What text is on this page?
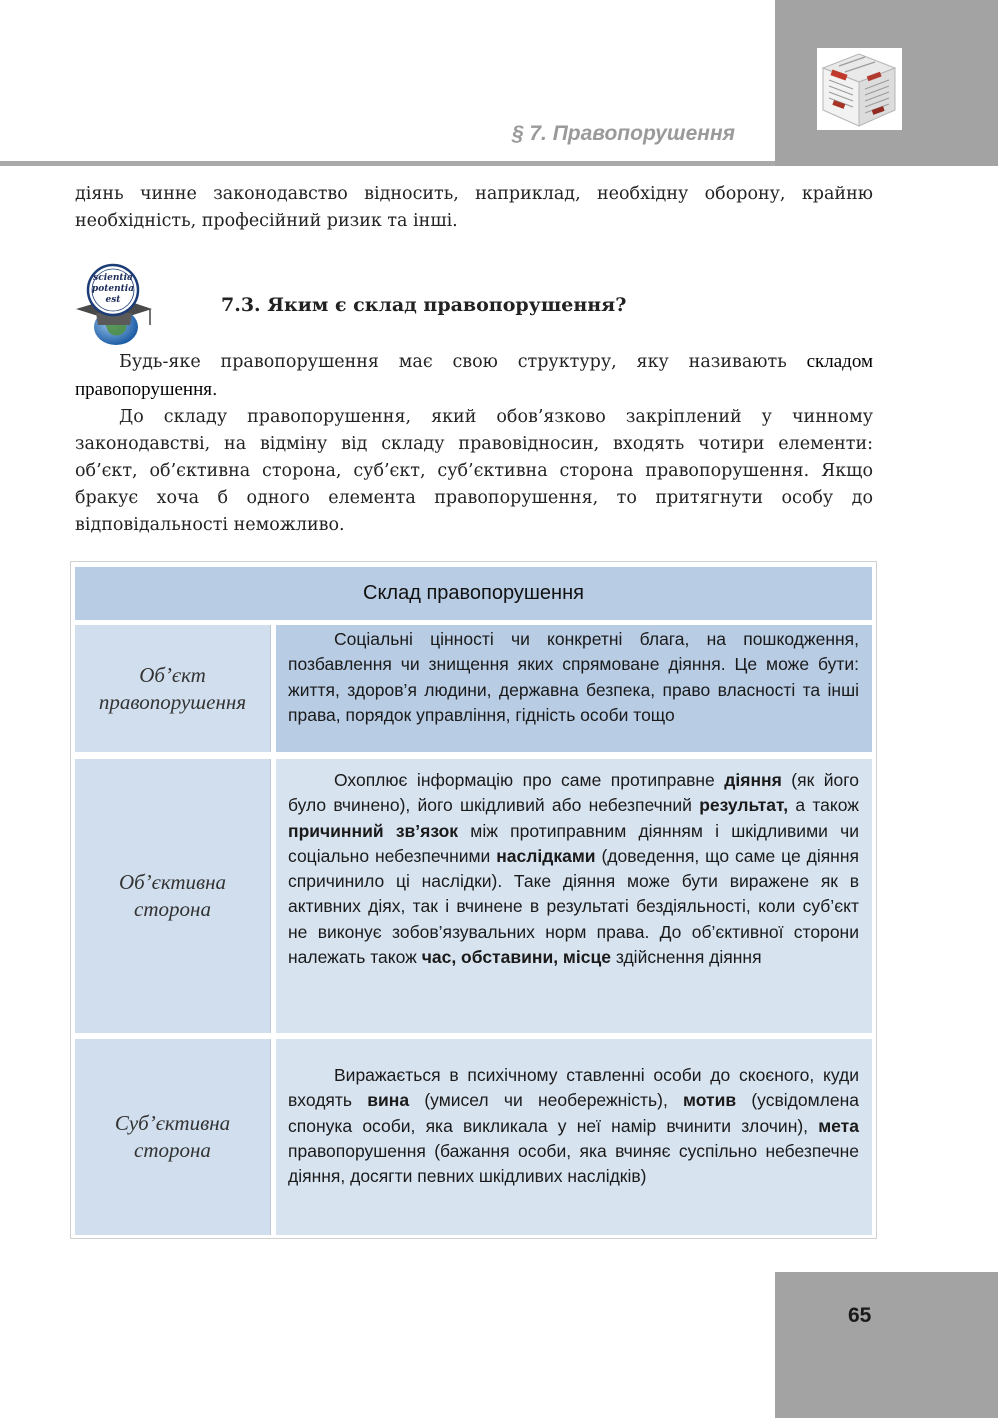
§ 7. Правопорушення
діянь чинне законодавство відносить, наприклад, необхідну оборону, крайню необхідність, професійний ризик та інші.
scientia
potentia
est	7.3. Яким є склад правопорушення?
Будь-яке правопорушення має свою структуру, яку називають складом правопорушення.
До складу правопорушення, який обов’язково закріплений у чинному законодавстві, на відміну від складу правовідносин, входять чотири елементи: об’єкт, об’єктивна сторона, суб’єкт, суб’єктивна сторона правопорушення. Якщо бракує хоча б одного елемента правопорушення, то притягнути особу до відповідальності неможливо.
Склад правопорушення
Об’єкт
правопорушення
Соціальні цінності чи конкретні блага, на пошкодження, позбавлення чи знищення яких спрямоване діяння. Це може бути: життя, здоров’я людини, державна безпека, право власності та інші права, порядок управління, гідність особи тощо
Об’єктивна
сторона
Охоплює інформацію про саме протиправне діяння (як його було вчинено), його шкідливий або небезпечний результат, а також причинний зв’язок між протиправним діянням і шкідливими чи соціально небезпечними наслідками (доведення, що саме це діяння спричинило ці наслідки). Таке діяння може бути виражене як в активних діях, так і вчинене в результаті бездіяльності, коли суб’єкт не виконує зобов’язувальних норм права. До об’єктивної сторони належать також час, обставини, місце здійснення діяння
Суб’єктивна
сторона
Виражається в психічному ставленні особи до скоєного, куди входять вина (умисел чи необережність), мотив (усвідомлена спонука особи, яка викликала у неї намір вчинити злочин), мета правопорушення (бажання особи, яка вчиняє суспільно небезпечне діяння, досягти певних шкідливих наслідків)
65
